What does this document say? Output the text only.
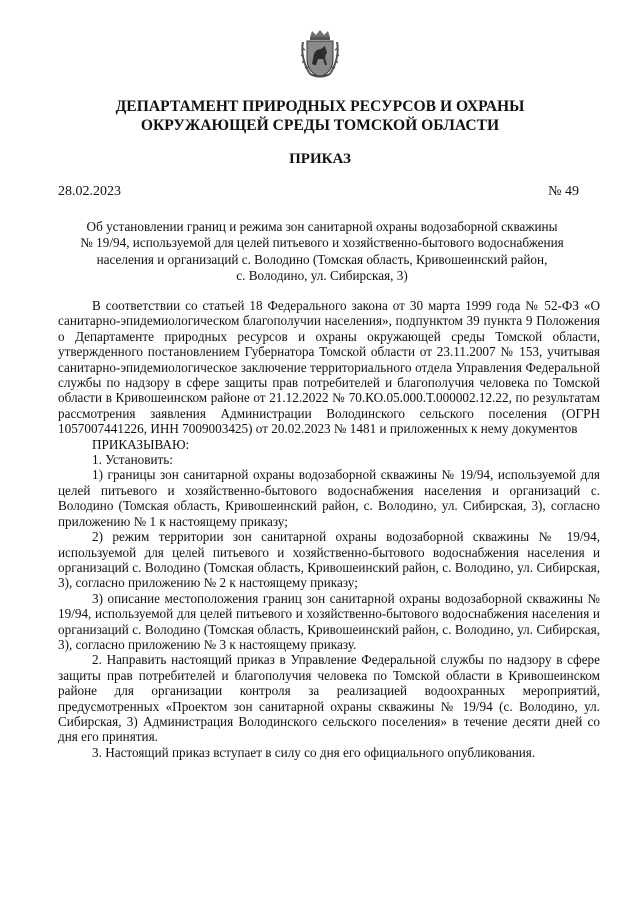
ДЕПАРТАМЕНТ ПРИРОДНЫХ РЕСУРСОВ И ОХРАНЫ
ОКРУЖАЮЩЕЙ СРЕДЫ ТОМСКОЙ ОБЛАСТИ
ПРИКАЗ
28.02.2023	№ 49
Об установлении границ и режима зон санитарной охраны водозаборной скважины
№ 19/94, используемой для целей питьевого и хозяйственно-бытового водоснабжения
населения и организаций с. Володино (Томская область, Кривошеинский район,
с. Володино, ул. Сибирская, 3)

В соответствии со статьей 18 Федерального закона от 30 марта 1999 года № 52-ФЗ «О санитарно-эпидемиологическом благополучии населения», подпунктом 39 пункта 9 Положения о Департаменте природных ресурсов и охраны окружающей среды Томской области, утвержденного постановлением Губернатора Томской области от 23.11.2007 № 153, учитывая санитарно-эпидемиологическое заключение территориального отдела Управления Федеральной службы по надзору в сфере защиты прав потребителей и благополучия человека по Томской области в Кривошеинском районе от 21.12.2022 № 70.КО.05.000.Т.000002.12.22, по результатам рассмотрения заявления Администрации Володинского сельского поселения (ОГРН 1057007441226, ИНН 7009003425) от 20.02.2023 № 1481 и приложенных к нему документов

ПРИКАЗЫВАЮ:
1. Установить:

1) границы зон санитарной охраны водозаборной скважины № 19/94, используемой для целей питьевого и хозяйственно-бытового водоснабжения населения и организаций с. Володино (Томская область, Кривошеинский район, с. Володино, ул. Сибирская, 3), согласно приложению № 1 к настоящему приказу;

2) режим территории зон санитарной охраны водозаборной скважины № 19/94, используемой для целей питьевого и хозяйственно-бытового водоснабжения населения и организаций с. Володино (Томская область, Кривошеинский район, с. Володино, ул. Сибирская, 3), согласно приложению № 2 к настоящему приказу;

3) описание местоположения границ зон санитарной охраны водозаборной скважины № 19/94, используемой для целей питьевого и хозяйственно-бытового водоснабжения населения и организаций с. Володино (Томская область, Кривошеинский район, с. Володино, ул. Сибирская, 3), согласно приложению № 3 к настоящему приказу.

2. Направить настоящий приказ в Управление Федеральной службы по надзору в сфере защиты прав потребителей и благополучия человека по Томской области в Кривошеинском районе для организации контроля за реализацией водоохранных мероприятий, предусмотренных «Проектом зон санитарной охраны скважины № 19/94 (с. Володино, ул. Сибирская, 3) Администрация Володинского сельского поселения» в течение десяти дней со дня его принятия.

3. Настоящий приказ вступает в силу со дня его официального опубликования.
